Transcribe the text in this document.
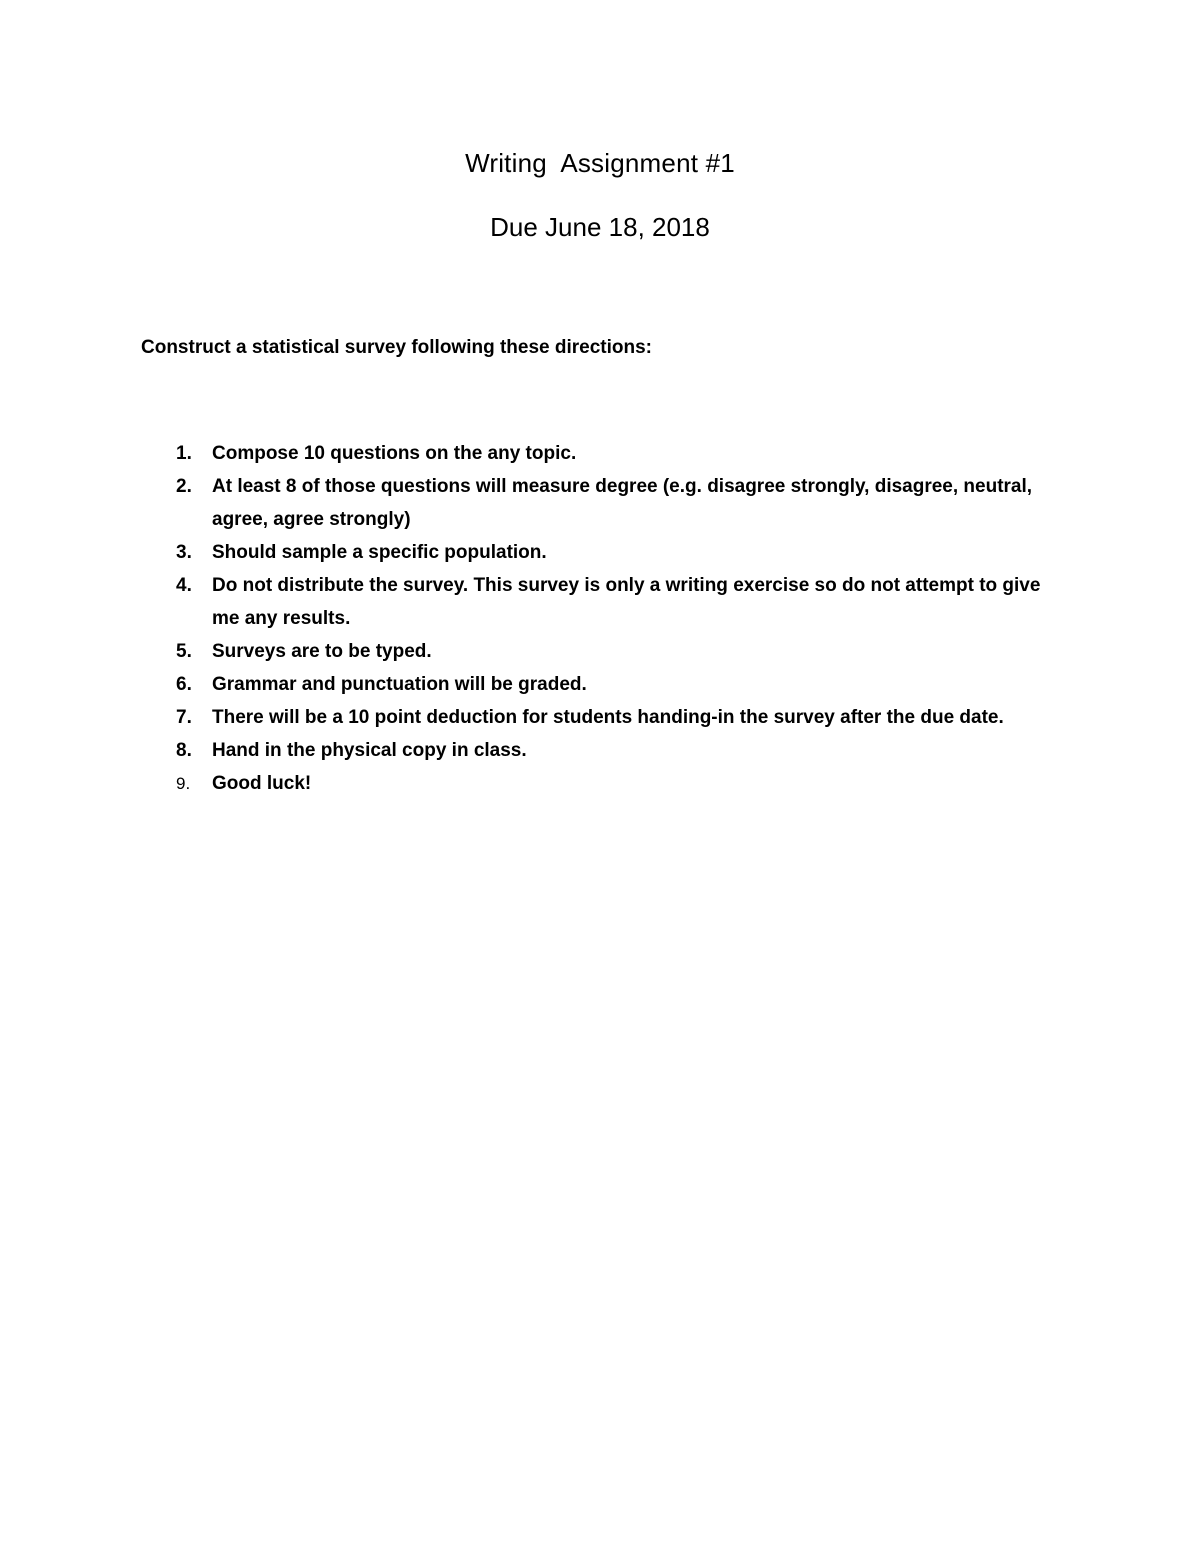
Writing  Assignment #1
Due June 18, 2018
Construct a statistical survey following these directions:
1. Compose 10 questions on the any topic.
2. At least 8 of those questions will measure degree (e.g. disagree strongly, disagree, neutral, agree, agree strongly)
3. Should sample a specific population.
4. Do not distribute the survey. This survey is only a writing exercise so do not attempt to give me any results.
5. Surveys are to be typed.
6. Grammar and punctuation will be graded.
7. There will be a 10 point deduction for students handing-in the survey after the due date.
8. Hand in the physical copy in class.
9. Good luck!
